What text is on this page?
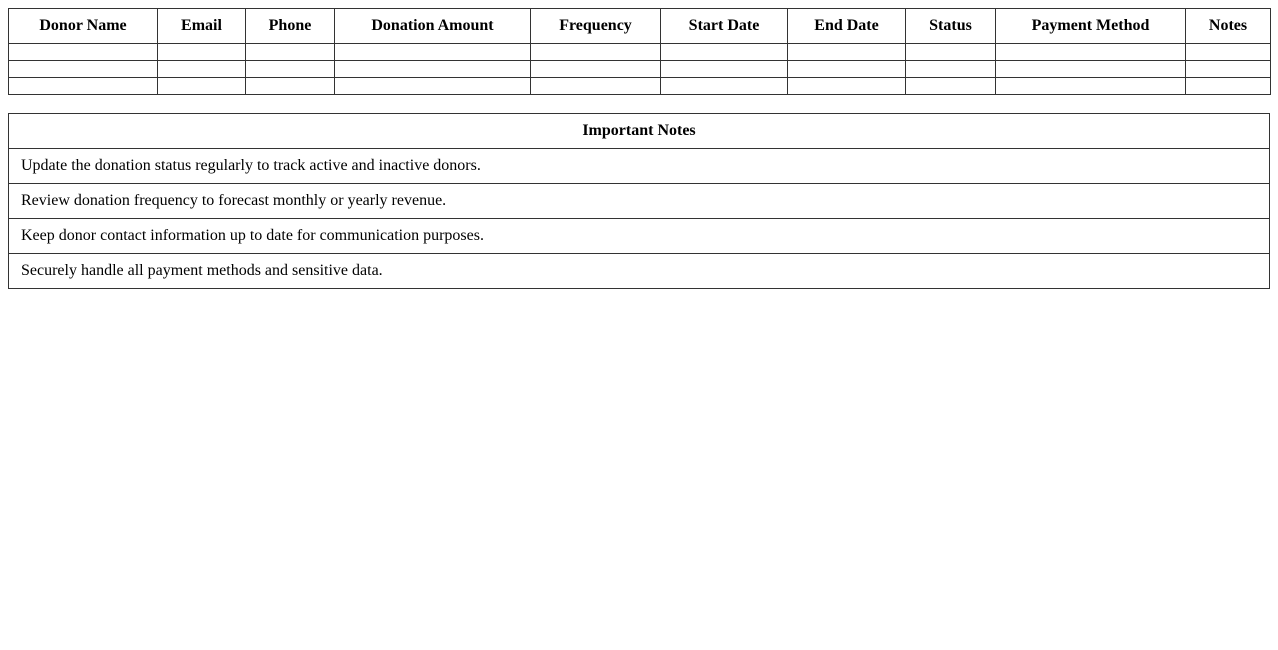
Donor Name	Email	Phone	Donation Amount	Frequency	Start Date	End Date	Status	Payment Method	Notes

Important Notes
Update the donation status regularly to track active and inactive donors.
Review donation frequency to forecast monthly or yearly revenue.
Keep donor contact information up to date for communication purposes.
Securely handle all payment methods and sensitive data.
